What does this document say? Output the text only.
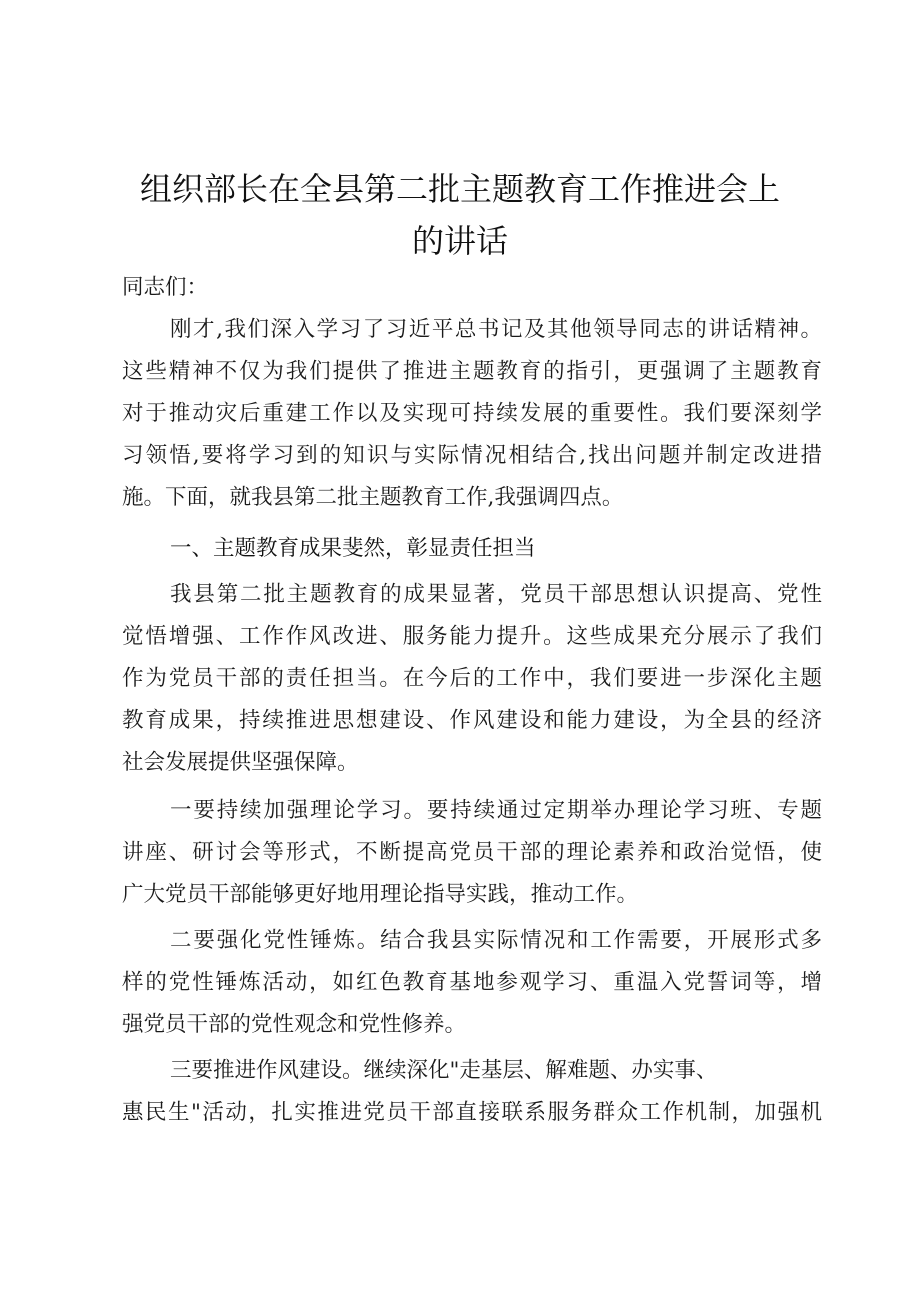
组织部长在全县第二批主题教育工作推进会上
的讲话
同志们：
刚才,我们深入学习了习近平总书记及其他领导同志的讲话精神。
这些精神不仅为我们提供了推进主题教育的指引，更强调了主题教育
对于推动灾后重建工作以及实现可持续发展的重要性。我们要深刻学
习领悟,要将学习到的知识与实际情况相结合,找出问题并制定改进措
施。下面，就我县第二批主题教育工作,我强调四点。
一、主题教育成果斐然，彰显责任担当
我县第二批主题教育的成果显著，党员干部思想认识提高、党性
觉悟增强、工作作风改进、服务能力提升。这些成果充分展示了我们
作为党员干部的责任担当。在今后的工作中，我们要进一步深化主题
教育成果，持续推进思想建设、作风建设和能力建设，为全县的经济
社会发展提供坚强保障。
一要持续加强理论学习。要持续通过定期举办理论学习班、专题
讲座、研讨会等形式，不断提高党员干部的理论素养和政治觉悟，使
广大党员干部能够更好地用理论指导实践，推动工作。
二要强化党性锤炼。结合我县实际情况和工作需要，开展形式多
样的党性锤炼活动，如红色教育基地参观学习、重温入党誓词等，增
强党员干部的党性观念和党性修养。
三要推进作风建设。继续深化"走基层、解难题、办实事、
惠民生"活动，扎实推进党员干部直接联系服务群众工作机制，加强机
